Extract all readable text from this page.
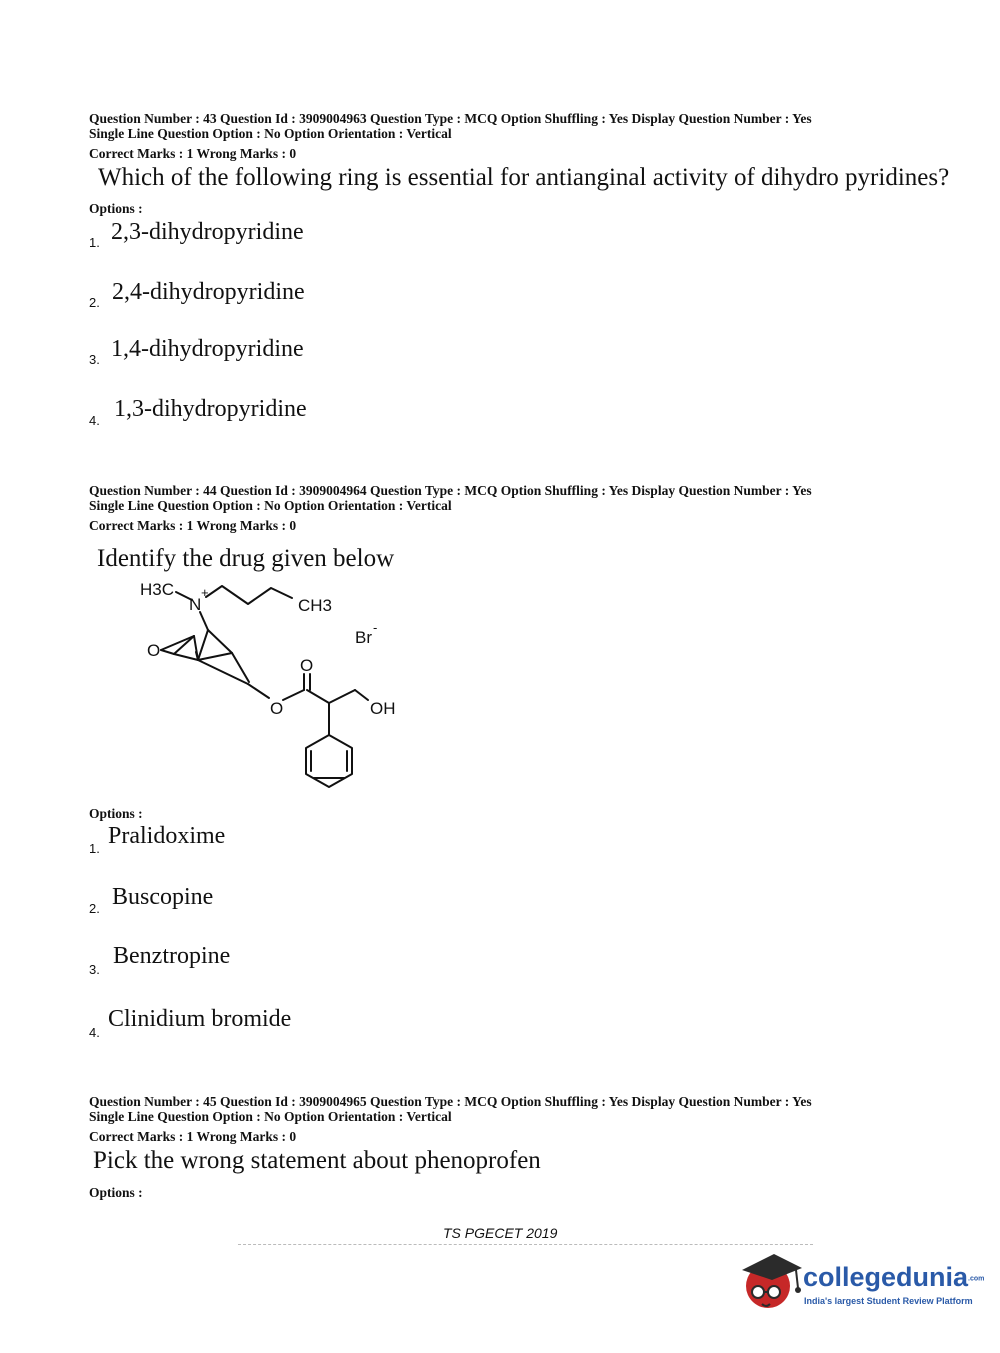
Question Number : 43 Question Id : 3909004963 Question Type : MCQ Option Shuffling : Yes Display Question Number : Yes
Single Line Question Option : No Option Orientation : Vertical
Correct Marks : 1 Wrong Marks : 0
Which of the following ring is essential for antianginal activity of dihydro pyridines?
Options :
1. 2,3-dihydropyridine
2. 2,4-dihydropyridine
3. 1,4-dihydropyridine
4. 1,3-dihydropyridine
Question Number : 44 Question Id : 3909004964 Question Type : MCQ Option Shuffling : Yes Display Question Number : Yes
Single Line Question Option : No Option Orientation : Vertical
Correct Marks : 1 Wrong Marks : 0
Identify the drug given below
H3C
N
+
CH3
Br
-
O
O
O	OH
Options :
1. Pralidoxime
2. Buscopine
3.
Benztropine
4.
Clinidium bromide
Question Number : 45 Question Id : 3909004965 Question Type : MCQ Option Shuffling : Yes Display Question Number : Yes
Single Line Question Option : No Option Orientation : Vertical
Correct Marks : 1 Wrong Marks : 0
Pick the wrong statement about phenoprofen
Options :
TS PGECET 2019
collegedunia.com
India's largest Student Review Platform
